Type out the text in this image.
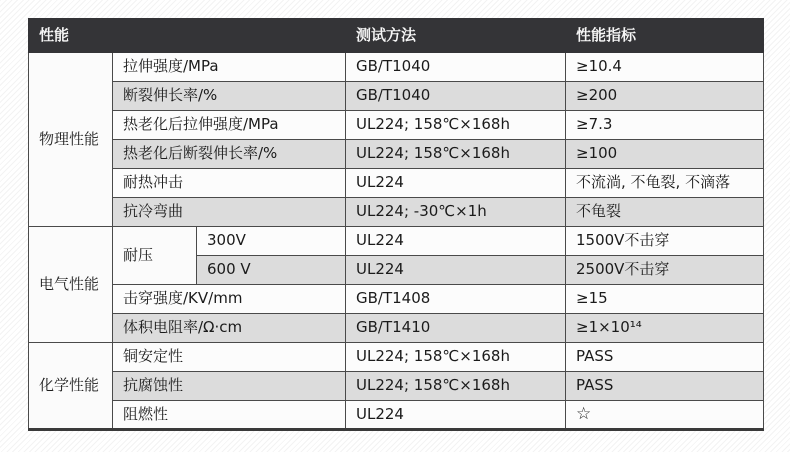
性能			测试方法	性能指标
物理性能	拉伸强度/MPa		GB/T1040	≥10.4
	断裂伸长率/%		GB/T1040	≥200
	热老化后拉伸强度/MPa		UL224; 158℃×168h	≥7.3
	热老化后断裂伸长率/%		UL224; 158℃×168h	≥100
	耐热冲击		UL224	不流淌, 不龟裂, 不滴落
	抗冷弯曲		UL224; -30℃×1h	不龟裂
电气性能	耐压	300V	UL224	1500V不击穿
		600 V	UL224	2500V不击穿
	击穿强度/KV/mm		GB/T1408	≥15
	体积电阻率/Ω·cm		GB/T1410	≥1×10¹⁴
化学性能	铜安定性		UL224; 158℃×168h	PASS
	抗腐蚀性		UL224; 158℃×168h	PASS
	阻燃性		UL224	☆
